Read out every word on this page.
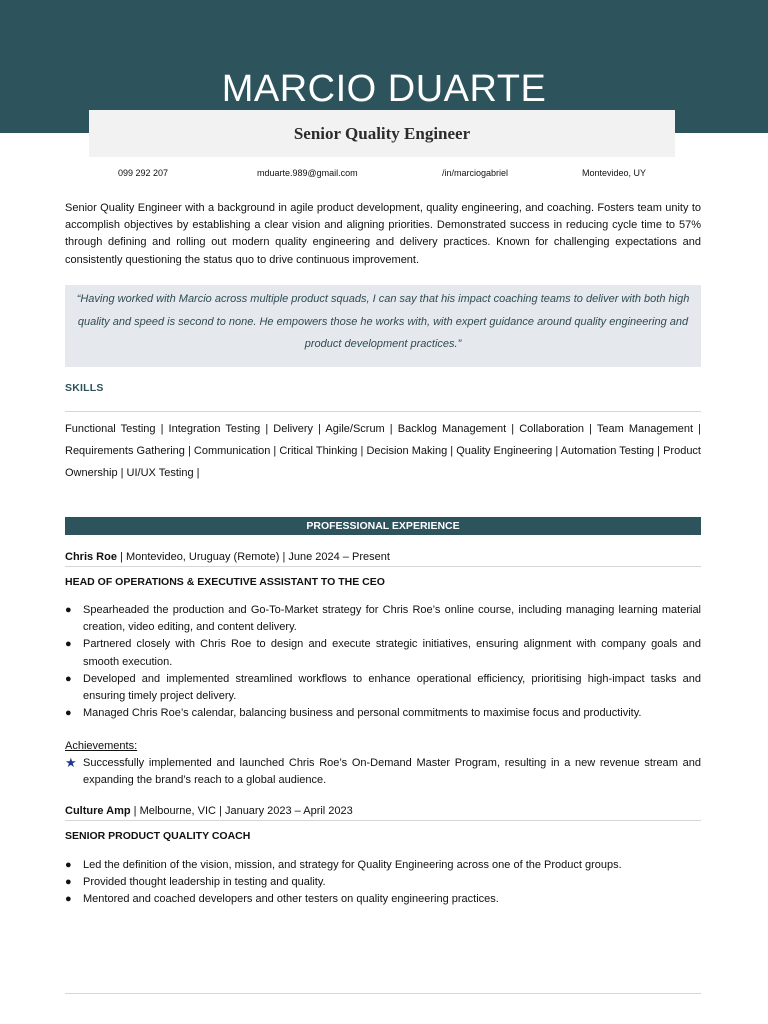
MARCIO DUARTE
Senior Quality Engineer
099 292 207	mduarte.989@gmail.com	/in/marciogabriel	Montevideo, UY

Senior Quality Engineer with a background in agile product development, quality engineering, and coaching. Fosters team unity to accomplish objectives by establishing a clear vision and aligning priorities. Demonstrated success in reducing cycle time to 57% through defining and rolling out modern quality engineering and delivery practices. Known for challenging expectations and consistently questioning the status quo to drive continuous improvement.

“Having worked with Marcio across multiple product squads, I can say that his impact coaching teams to deliver with both high quality and speed is second to none. He empowers those he works with, with expert guidance around quality engineering and product development practices.”

SKILLS

Functional Testing | Integration Testing | Delivery | Agile/Scrum | Backlog Management | Collaboration | Team Management | Requirements Gathering | Communication | Critical Thinking | Decision Making | Quality Engineering | Automation Testing | Product Ownership | UI/UX Testing |

PROFESSIONAL EXPERIENCE
Chris Roe | Montevideo, Uruguay (Remote) | June 2024 – Present
HEAD OF OPERATIONS & EXECUTIVE ASSISTANT TO THE CEO
● Spearheaded the production and Go-To-Market strategy for Chris Roe’s online course, including managing learning material creation, video editing, and content delivery.
● Partnered closely with Chris Roe to design and execute strategic initiatives, ensuring alignment with company goals and smooth execution.
● Developed and implemented streamlined workflows to enhance operational efficiency, prioritising high-impact tasks and ensuring timely project delivery.
● Managed Chris Roe’s calendar, balancing business and personal commitments to maximise focus and productivity.
Achievements:
★ Successfully implemented and launched Chris Roe’s On-Demand Master Program, resulting in a new revenue stream and expanding the brand’s reach to a global audience.
Culture Amp | Melbourne, VIC | January 2023 – April 2023
SENIOR PRODUCT QUALITY COACH
● Led the definition of the vision, mission, and strategy for Quality Engineering across one of the Product groups.
● Provided thought leadership in testing and quality.
● Mentored and coached developers and other testers on quality engineering practices.
